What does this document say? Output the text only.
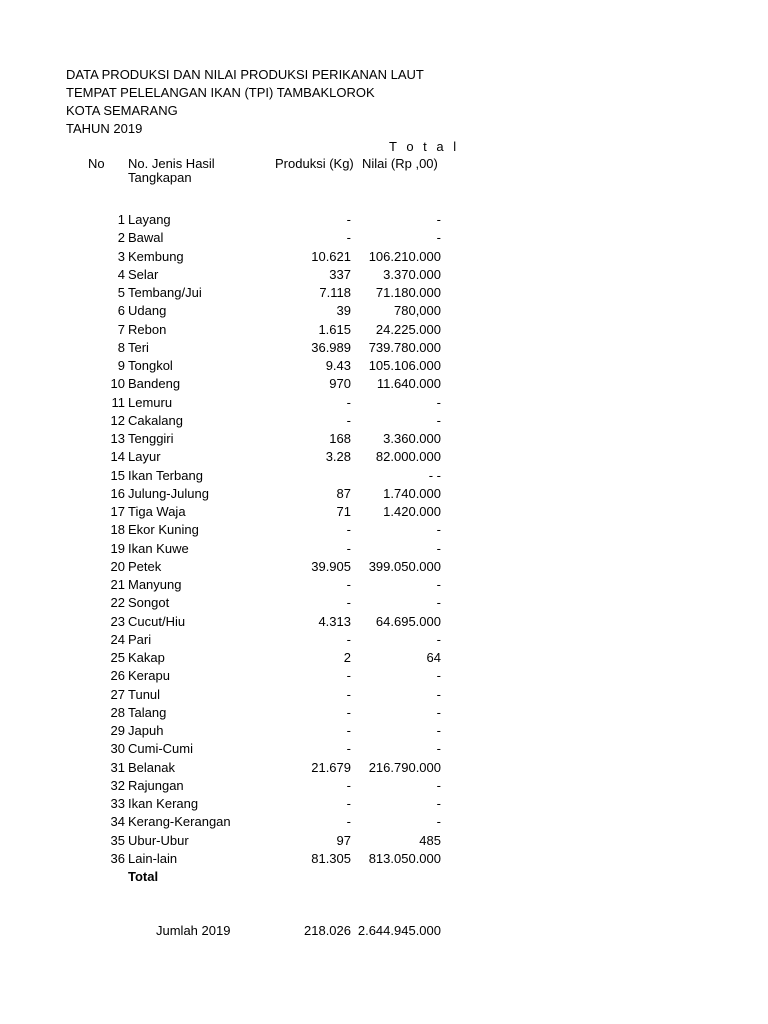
DATA PRODUKSI DAN NILAI PRODUKSI PERIKANAN LAUT
TEMPAT PELELANGAN IKAN (TPI) TAMBAKLOROK
KOTA SEMARANG
TAHUN 2019
T o t a l
No No. Jenis Hasil
Tangkapan
Produksi (Kg) Nilai (Rp ,00)
1 Layang	-	-
2 Bawal	-	-
3 Kembung	10.621 106.210.000
4 Selar	337 3.370.000
5 Tembang/Jui	7.118 71.180.000
6 Udang	39	780,000
7 Rebon	1.615 24.225.000
8 Teri	36.989 739.780.000
9 Tongkol	9.43 105.106.000
10 Bandeng	970 11.640.000
11 Lemuru	-	-
12 Cakalang	-	-
13 Tenggiri	168 3.360.000
14 Layur	3.28 82.000.000
15 Ikan Terbang	- -
16 Julung-Julung	87 1.740.000
17 Tiga Waja	71 1.420.000
18 Ekor Kuning	-	-
19 Ikan Kuwe	-	-
20 Petek	39.905 399.050.000
21 Manyung	-	-
22 Songot	-	-
23 Cucut/Hiu	4.313 64.695.000
24 Pari	-	-
25 Kakap	2	64
26 Kerapu	-	-
27 Tunul	-	-
28 Talang	-	-
29 Japuh	-	-
30 Cumi-Cumi	-	-
31 Belanak	21.679 216.790.000
32 Rajungan	-	-
33 Ikan Kerang	-	-
34 Kerang-Kerangan	-	-
35 Ubur-Ubur	97	485
36 Lain-lain	81.305 813.050.000
Total
Jumlah 2019	218.026 2.644.945.000
